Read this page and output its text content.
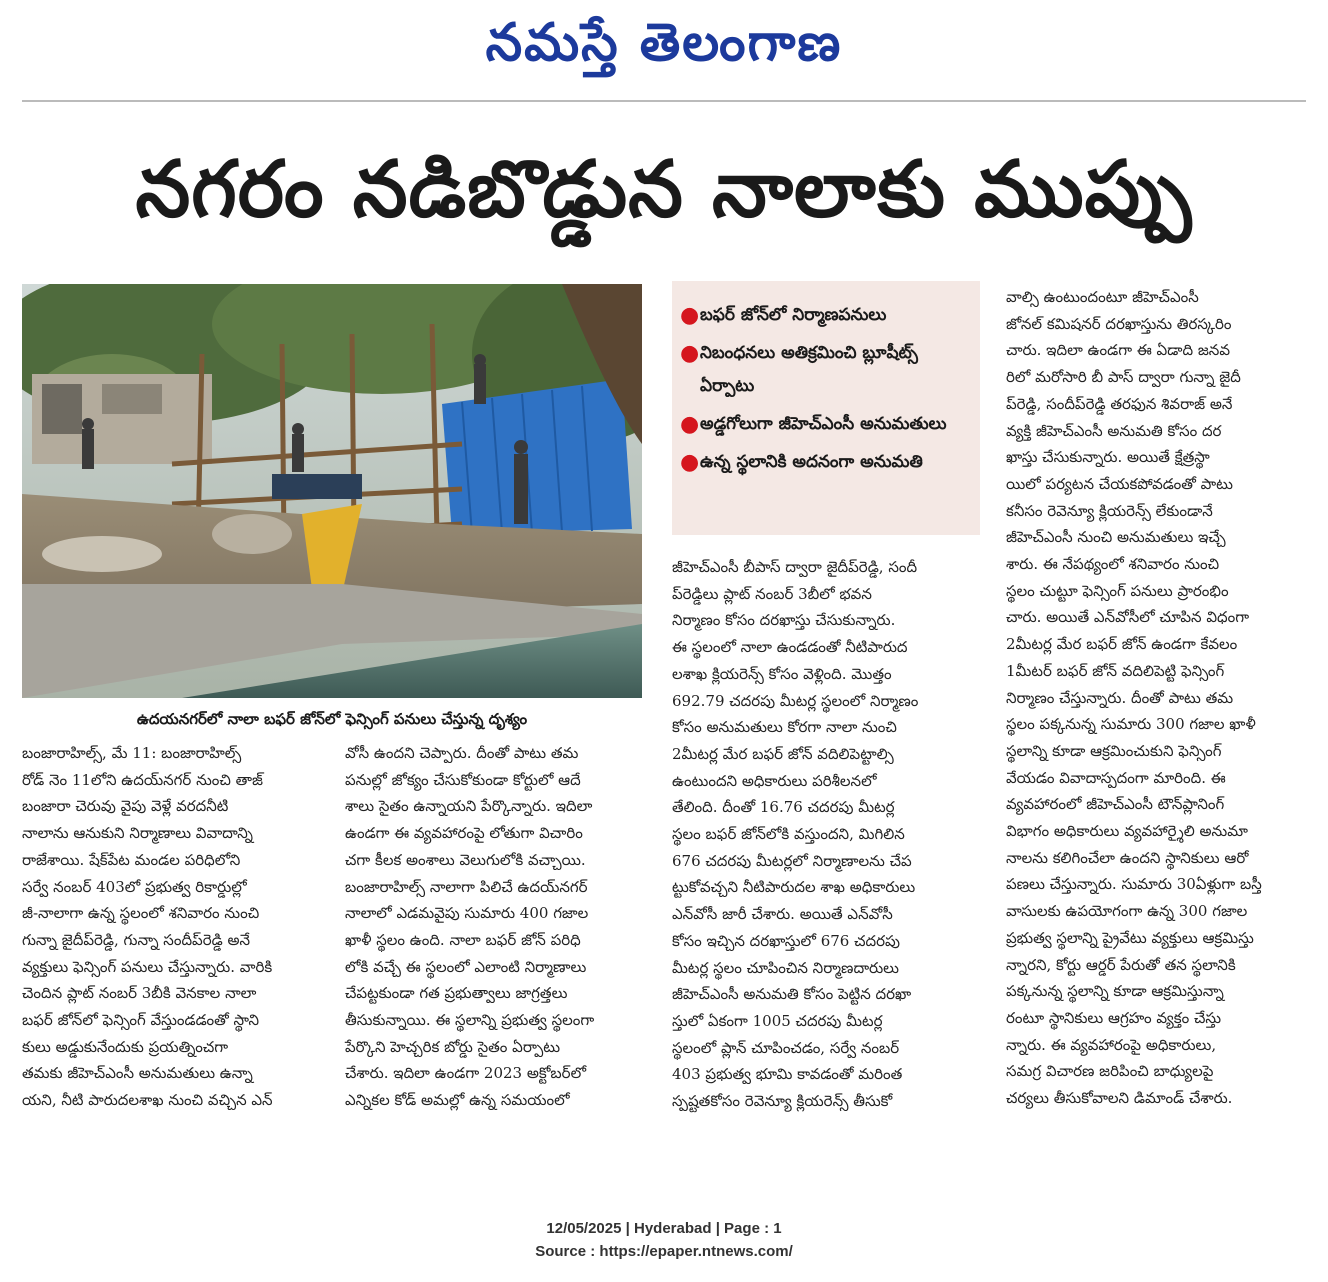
నమస్తే తెలంగాణ
నగరం నడిబొడ్డున నాలాకు ముప్పు
ఉదయనగర్‌లో నాలా బఫర్ జోన్‌లో ఫెన్సింగ్ పనులు చేస్తున్న దృశ్యం
● బఫర్ జోన్‌లో నిర్మాణపనులు
● నిబంధనలు అతిక్రమించి బ్లూషీట్స్ ఏర్పాటు
● అడ్డగోలుగా జీహెచ్ఎంసీ అనుమతులు
● ఉన్న స్థలానికి అదనంగా అనుమతి
బంజారాహిల్స్, మే 11: బంజారాహిల్స్
రోడ్ నెం 11లోని ఉదయ్‌నగర్ నుంచి తాజ్
బంజారా చెరువు వైపు వెళ్లే వరదనీటి
నాలాను ఆనుకుని నిర్మాణాలు వివాదాన్ని
రాజేశాయి. షేక్‌పేట మండల పరిధిలోని
సర్వే నంబర్ 403లో ప్రభుత్వ రికార్డుల్లో
జీ-నాలాగా ఉన్న స్థలంలో శనివారం నుంచి
గున్నా జైదీప్‌రెడ్డి, గున్నా సందీప్‌రెడ్డి అనే
వ్యక్తులు ఫెన్సింగ్ పనులు చేస్తున్నారు. వారికి
చెందిన ప్లాట్ నంబర్ 3బీకి వెనకాల నాలా
బఫర్ జోన్‌లో ఫెన్సింగ్ వేస్తుండడంతో స్థాని
కులు అడ్డుకునేందుకు ప్రయత్నించగా
తమకు జీహెచ్ఎంసీ అనుమతులు ఉన్నా
యని, నీటి పారుదలశాఖ నుంచి వచ్చిన ఎన్
వోసీ ఉందని చెప్పారు. దీంతో పాటు తమ
పనుల్లో జోక్యం చేసుకోకుండా కోర్టులో ఆదే
శాలు సైతం ఉన్నాయని పేర్కొన్నారు. ఇదిలా
ఉండగా ఈ వ్యవహారంపై లోతుగా విచారిం
చగా కీలక అంశాలు వెలుగులోకి వచ్చాయి.
బంజారాహిల్స్ నాలాగా పిలిచే ఉదయ్‌నగర్
నాలాలో ఎడమవైపు సుమారు 400 గజాల
ఖాళీ స్థలం ఉంది. నాలా బఫర్ జోన్ పరిధి
లోకి వచ్చే ఈ స్థలంలో ఎలాంటి నిర్మాణాలు
చేపట్టకుండా గత ప్రభుత్వాలు జాగ్రత్తలు
తీసుకున్నాయి. ఈ స్థలాన్ని ప్రభుత్వ స్థలంగా
పేర్కొని హెచ్చరిక బోర్డు సైతం ఏర్పాటు
చేశారు. ఇదిలా ఉండగా 2023 అక్టోబర్‌లో
ఎన్నికల కోడ్ అమల్లో ఉన్న సమయంలో
జీహెచ్ఎంసీ బీపాస్ ద్వారా జైదీప్‌రెడ్డి, సందీ
ప్‌రెడ్డిలు ప్లాట్ నంబర్ 3బీలో భవన
నిర్మాణం కోసం దరఖాస్తు చేసుకున్నారు.
ఈ స్థలంలో నాలా ఉండడంతో నీటిపారుద
లశాఖ క్లియరెన్స్ కోసం వెళ్లింది. మొత్తం
692.79 చదరపు మీటర్ల స్థలంలో నిర్మాణం
కోసం అనుమతులు కోరగా నాలా నుంచి
2మీటర్ల మేర బఫర్ జోన్ వదిలిపెట్టాల్సి
ఉంటుందని అధికారులు పరిశీలనలో
తేలింది. దీంతో 16.76 చదరపు మీటర్ల
స్థలం బఫర్ జోన్‌లోకి వస్తుందని, మిగిలిన
676 చదరపు మీటర్లలో నిర్మాణాలను చేప
ట్టుకోవచ్చని నీటిపారుదల శాఖ అధికారులు
ఎన్‌వోసీ జారీ చేశారు. అయితే ఎన్‌వోసీ
కోసం ఇచ్చిన దరఖాస్తులో 676 చదరపు
మీటర్ల స్థలం చూపించిన నిర్మాణదారులు
జీహెచ్ఎంసీ అనుమతి కోసం పెట్టిన దరఖా
స్తులో ఏకంగా 1005 చదరపు మీటర్ల
స్థలంలో ప్లాన్ చూపించడం, సర్వే నంబర్
403 ప్రభుత్వ భూమి కావడంతో మరింత
స్పష్టతకోసం రెవెన్యూ క్లియరెన్స్ తీసుకో
వాల్సి ఉంటుందంటూ జీహెచ్ఎంసీ
జోనల్ కమిషనర్ దరఖాస్తును తిరస్కరిం
చారు. ఇదిలా ఉండగా ఈ ఏడాది జనవ
రిలో మరోసారి బీ పాస్ ద్వారా గున్నా జైదీ
ప్‌రెడ్డి, సందీప్‌రెడ్డి తరఫున శివరాజ్ అనే
వ్యక్తి జీహెచ్ఎంసీ అనుమతి కోసం దర
ఖాస్తు చేసుకున్నారు. అయితే క్షేత్రస్థా
యిలో పర్యటన చేయకపోవడంతో పాటు
కనీసం రెవెన్యూ క్లియరెన్స్ లేకుండానే
జీహెచ్ఎంసీ నుంచి అనుమతులు ఇచ్చే
శారు. ఈ నేపథ్యంలో శనివారం నుంచి
స్థలం చుట్టూ ఫెన్సింగ్ పనులు ప్రారంభిం
చారు. అయితే ఎన్‌వోసీలో చూపిన విధంగా
2మీటర్ల మేర బఫర్ జోన్ ఉండగా కేవలం
1మీటర్ బఫర్ జోన్ వదిలిపెట్టి ఫెన్సింగ్
నిర్మాణం చేస్తున్నారు. దీంతో పాటు తమ
స్థలం పక్కనున్న సుమారు 300 గజాల ఖాళీ
స్థలాన్ని కూడా ఆక్రమించుకుని ఫెన్సింగ్
వేయడం వివాదాస్పదంగా మారింది. ఈ
వ్యవహారంలో జీహెచ్ఎంసీ టౌన్‌ప్లానింగ్
విభాగం అధికారులు వ్యవహార్శైలి అనుమా
నాలను కలిగించేలా ఉందని స్థానికులు ఆరో
పణలు చేస్తున్నారు. సుమారు 30ఏళ్లుగా బస్తీ
వాసులకు ఉపయోగంగా ఉన్న 300 గజాల
ప్రభుత్వ స్థలాన్ని ప్రైవేటు వ్యక్తులు ఆక్రమిస్తు
న్నారని, కోర్టు ఆర్డర్ పేరుతో తన స్థలానికి
పక్కనున్న స్థలాన్ని కూడా ఆక్రమిస్తున్నా
రంటూ స్థానికులు ఆగ్రహం వ్యక్తం చేస్తు
న్నారు. ఈ వ్యవహారంపై అధికారులు,
సమగ్ర విచారణ జరిపించి బాధ్యులపై
చర్యలు తీసుకోవాలని డిమాండ్ చేశారు.
12/05/2025 | Hyderabad | Page : 1
Source : https://epaper.ntnews.com/
